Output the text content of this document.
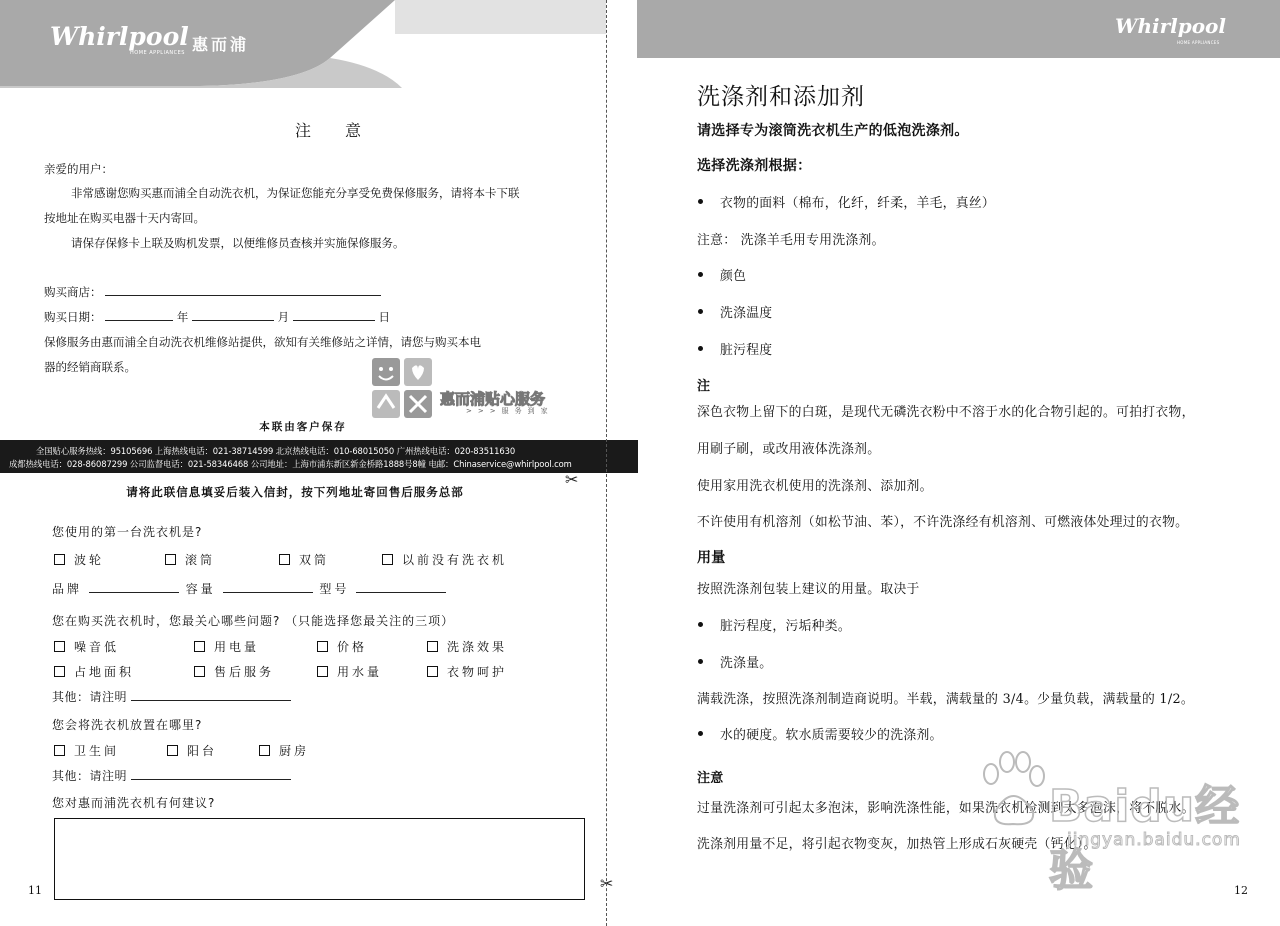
Whirlpool
HOME APPLIANCES 惠而浦
注意
亲爱的用户：
非常感谢您购买惠而浦全自动洗衣机，为保证您能充分享受免费保修服务，请将本卡下联
按地址在购买电器十天内寄回。
请保存保修卡上联及购机发票，以便维修员查核并实施保修服务。
购买商店：
购买日期：	年	月	日
保修服务由惠而浦全自动洗衣机维修站提供，欲知有关维修站之详情，请您与购买本电
器的经销商联系。
惠而浦贴心服务
>>>服务到家
本联由客户保存
请将此联信息填妥后装入信封，按下列地址寄回售后服务总部
您使用的第一台洗衣机是?
波轮	滚筒	双筒	以前没有洗衣机
品牌	容量	型号
您在购买洗衣机时，您最关心哪些问题? （只能选择您最关注的三项）
噪音低	用电量	价格	洗涤效果
占地面积	售后服务	用水量	衣物呵护
其他：请注明
您会将洗衣机放置在哪里?
卫生间	阳台	厨房
其他：请注明
您对惠而浦洗衣机有何建议?
11	✂
全国贴心服务热线：95105696 上海热线电话：021-38714599 北京热线电话：010-68015050 广州热线电话：020-83511630
成都热线电话：028-86087299 公司监督电话：021-58346468 公司地址：上海市浦东新区新金桥路1888号8幢 电邮：Chinaservice@whirlpool.com
✂
Whirlpool
HOME APPLIANCES
洗涤剂和添加剂
请选择专为滚筒洗衣机生产的低泡洗涤剂。
选择洗涤剂根据：
衣物的面料（棉布，化纤，纤柔，羊毛，真丝）
注意： 洗涤羊毛用专用洗涤剂。
颜色
洗涤温度
脏污程度
注
深色衣物上留下的白斑，是现代无磷洗衣粉中不溶于水的化合物引起的。可拍打衣物，
用刷子刷，或改用液体洗涤剂。
使用家用洗衣机使用的洗涤剂、添加剂。
不许使用有机溶剂（如松节油、苯），不许洗涤经有机溶剂、可燃液体处理过的衣物。
用量
按照洗涤剂包装上建议的用量。取决于
脏污程度，污垢种类。
洗涤量。
满载洗涤，按照洗涤剂制造商说明。半载，满载量的 3/4。少量负载，满载量的 1/2。
水的硬度。软水质需要较少的洗涤剂。
注意
过量洗涤剂可引起太多泡沫，影响洗涤性能，如果洗衣机检测到太多泡沫，将不脱水。
洗涤剂用量不足，将引起衣物变灰，加热管上形成石灰硬壳（钙化）。
Baidu经验
jingyan.baidu.com
12
